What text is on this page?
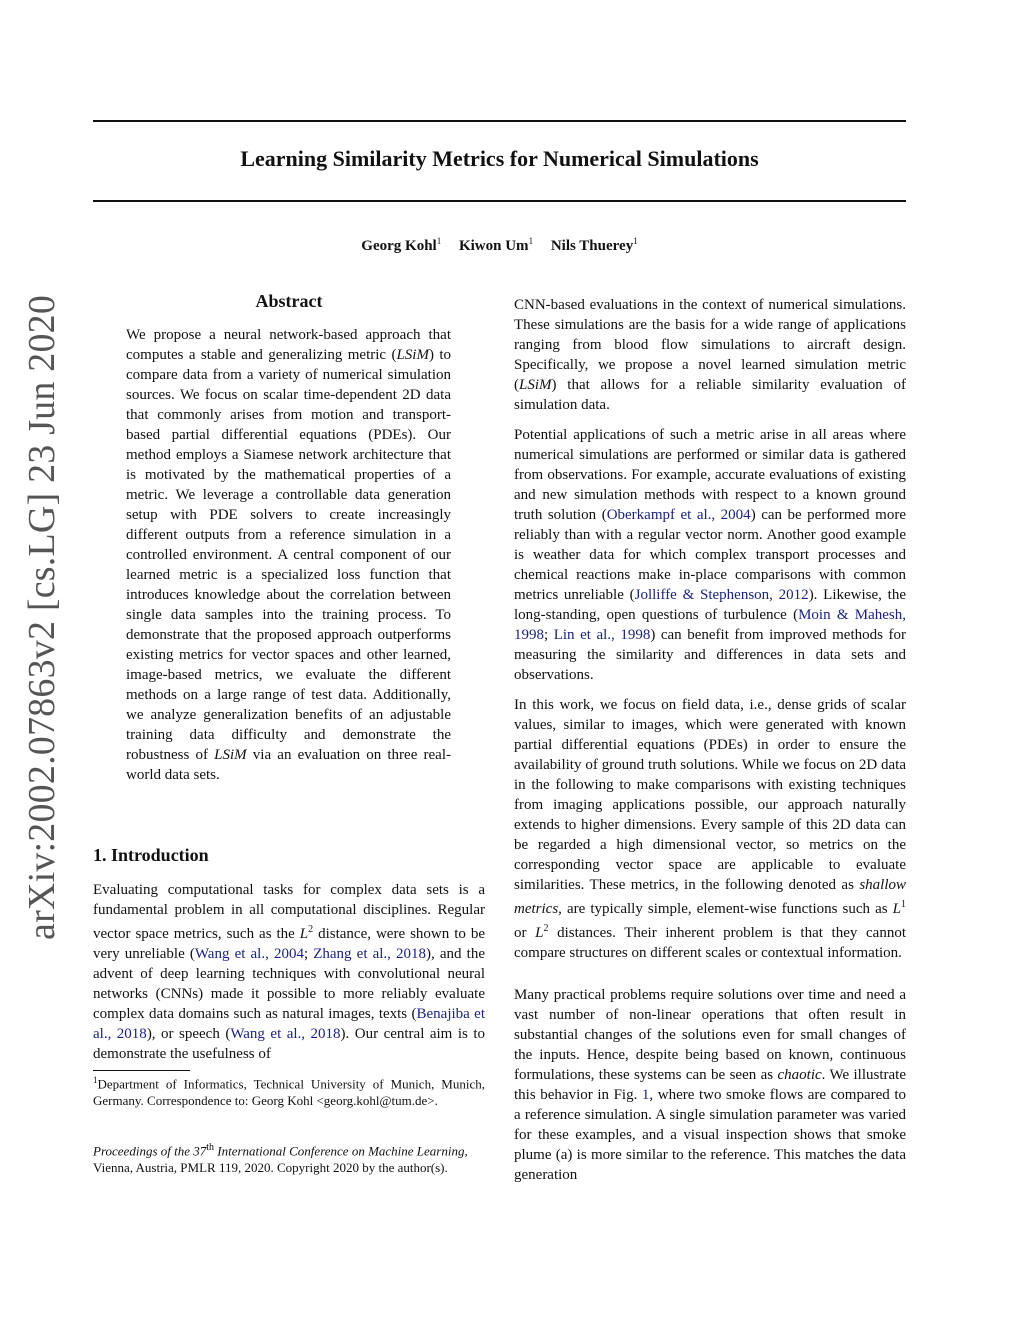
arXiv:2002.07863v2 [cs.LG] 23 Jun 2020
Learning Similarity Metrics for Numerical Simulations
Georg Kohl$^1$ Kiwon Um$^1$ Nils Thuerey$^1$
Abstract

We propose a neural network-based approach that computes a stable and generalizing metric (LSiM) to compare data from a variety of numerical simulation sources. We focus on scalar time-dependent 2D data that commonly arises from motion and transport-based partial differential equations (PDEs). Our method employs a Siamese network architecture that is motivated by the mathematical properties of a metric. We leverage a controllable data generation setup with PDE solvers to create increasingly different outputs from a reference simulation in a controlled environment. A central component of our learned metric is a specialized loss function that introduces knowledge about the correlation between single data samples into the training process. To demonstrate that the proposed approach outperforms existing metrics for vector spaces and other learned, image-based metrics, we evaluate the different methods on a large range of test data. Additionally, we analyze generalization benefits of an adjustable training data difficulty and demonstrate the robustness of LSiM via an evaluation on three real-world data sets.

1. Introduction

Evaluating computational tasks for complex data sets is a fundamental problem in all computational disciplines. Regular vector space metrics, such as the $L^2$ distance, were shown to be very unreliable (Wang et al., 2004; Zhang et al., 2018), and the advent of deep learning techniques with convolutional neural networks (CNNs) made it possible to more reliably evaluate complex data domains such as natural images, texts (Benajiba et al., 2018), or speech (Wang et al., 2018). Our central aim is to demonstrate the usefulness of

$^1$Department of Informatics, Technical University of Munich, Munich, Germany. Correspondence to: Georg Kohl <georg.kohl@tum.de>.

Proceedings of the 37th International Conference on Machine Learning, Vienna, Austria, PMLR 119, 2020. Copyright 2020 by the author(s).

CNN-based evaluations in the context of numerical simulations. These simulations are the basis for a wide range of applications ranging from blood flow simulations to aircraft design. Specifically, we propose a novel learned simulation metric (LSiM) that allows for a reliable similarity evaluation of simulation data.

Potential applications of such a metric arise in all areas where numerical simulations are performed or similar data is gathered from observations. For example, accurate evaluations of existing and new simulation methods with respect to a known ground truth solution (Oberkampf et al., 2004) can be performed more reliably than with a regular vector norm. Another good example is weather data for which complex transport processes and chemical reactions make in-place comparisons with common metrics unreliable (Jolliffe & Stephenson, 2012). Likewise, the long-standing, open questions of turbulence (Moin & Mahesh, 1998; Lin et al., 1998) can benefit from improved methods for measuring the similarity and differences in data sets and observations.

In this work, we focus on field data, i.e., dense grids of scalar values, similar to images, which were generated with known partial differential equations (PDEs) in order to ensure the availability of ground truth solutions. While we focus on 2D data in the following to make comparisons with existing techniques from imaging applications possible, our approach naturally extends to higher dimensions. Every sample of this 2D data can be regarded a high dimensional vector, so metrics on the corresponding vector space are applicable to evaluate similarities. These metrics, in the following denoted as shallow metrics, are typically simple, element-wise functions such as $L^1$ or $L^2$ distances. Their inherent problem is that they cannot compare structures on different scales or contextual information.

Many practical problems require solutions over time and need a vast number of non-linear operations that often result in substantial changes of the solutions even for small changes of the inputs. Hence, despite being based on known, continuous formulations, these systems can be seen as chaotic. We illustrate this behavior in Fig. 1, where two smoke flows are compared to a reference simulation. A single simulation parameter was varied for these examples, and a visual inspection shows that smoke plume (a) is more similar to the reference. This matches the data generation
